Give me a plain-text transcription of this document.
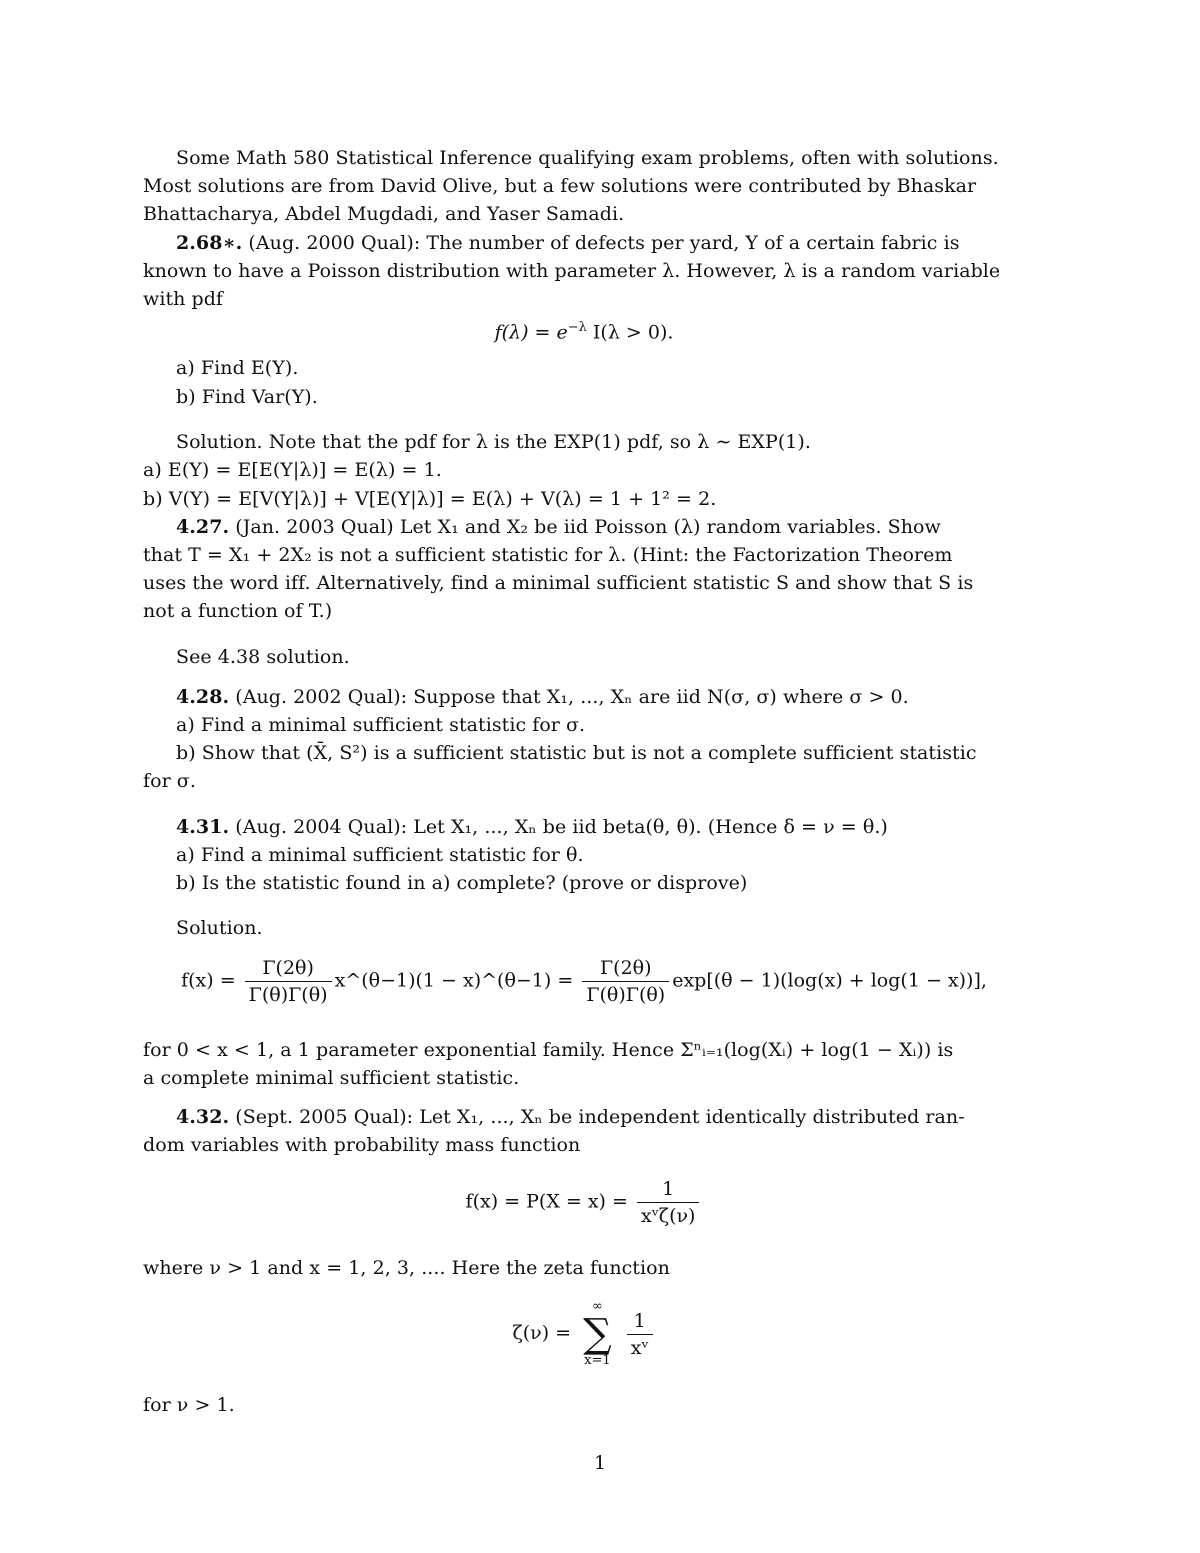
Some Math 580 Statistical Inference qualifying exam problems, often with solutions.
Most solutions are from David Olive, but a few solutions were contributed by Bhaskar
Bhattacharya, Abdel Mugdadi, and Yaser Samadi.
2.68∗. (Aug. 2000 Qual): The number of defects per yard, Y of a certain fabric is
known to have a Poisson distribution with parameter λ. However, λ is a random variable
with pdf
$f(\lambda) = e^{-\lambda}$ I(λ > 0).
a) Find E(Y).
b) Find Var(Y).
Solution. Note that the pdf for λ is the EXP(1) pdf, so λ ∼ EXP(1).
a) E(Y) = E[E(Y|λ)] = E(λ) = 1.
b) V(Y) = E[V(Y|λ)] + V[E(Y|λ)] = E(λ) + V(λ) = 1 + 1² = 2.
4.27. (Jan. 2003 Qual) Let X₁ and X₂ be iid Poisson (λ) random variables. Show
that T = X₁ + 2X₂ is not a sufficient statistic for λ. (Hint: the Factorization Theorem
uses the word iff. Alternatively, find a minimal sufficient statistic S and show that S is
not a function of T.)
See 4.38 solution.
4.28. (Aug. 2002 Qual): Suppose that X₁, ..., Xₙ are iid N(σ, σ) where σ > 0.
a) Find a minimal sufficient statistic for σ.
b) Show that (X̄, S²) is a sufficient statistic but is not a complete sufficient statistic
for σ.
4.31. (Aug. 2004 Qual): Let X₁, ..., Xₙ be iid beta(θ, θ). (Hence δ = ν = θ.)
a) Find a minimal sufficient statistic for θ.
b) Is the statistic found in a) complete? (prove or disprove)
Solution.
$f(x) = \frac{\Gamma(2\theta)}{\Gamma(\theta)\Gamma(\theta)}$ x^(θ−1)(1 − x)^(θ−1) = $\frac{\Gamma(2\theta)}{\Gamma(\theta)\Gamma(\theta)} \exp[(\theta - 1)(\log(x) + \log(1 - x))]$,
for 0 < x < 1, a 1 parameter exponential family. Hence Σⁿᵢ₌₁(log(Xᵢ) + log(1 − Xᵢ)) is
a complete minimal sufficient statistic.
4.32. (Sept. 2005 Qual): Let X₁, ..., Xₙ be independent identically distributed ran-
dom variables with probability mass function
$f(x) = P(X = x) = \frac{1}{\text{xᵛζ(ν)}}$
where ν > 1 and x = 1, 2, 3, .... Here the zeta function
ζ(ν) =
∞
∑
x=1
$\frac{1}{\text{xᵛ}}$
for ν > 1.
1
